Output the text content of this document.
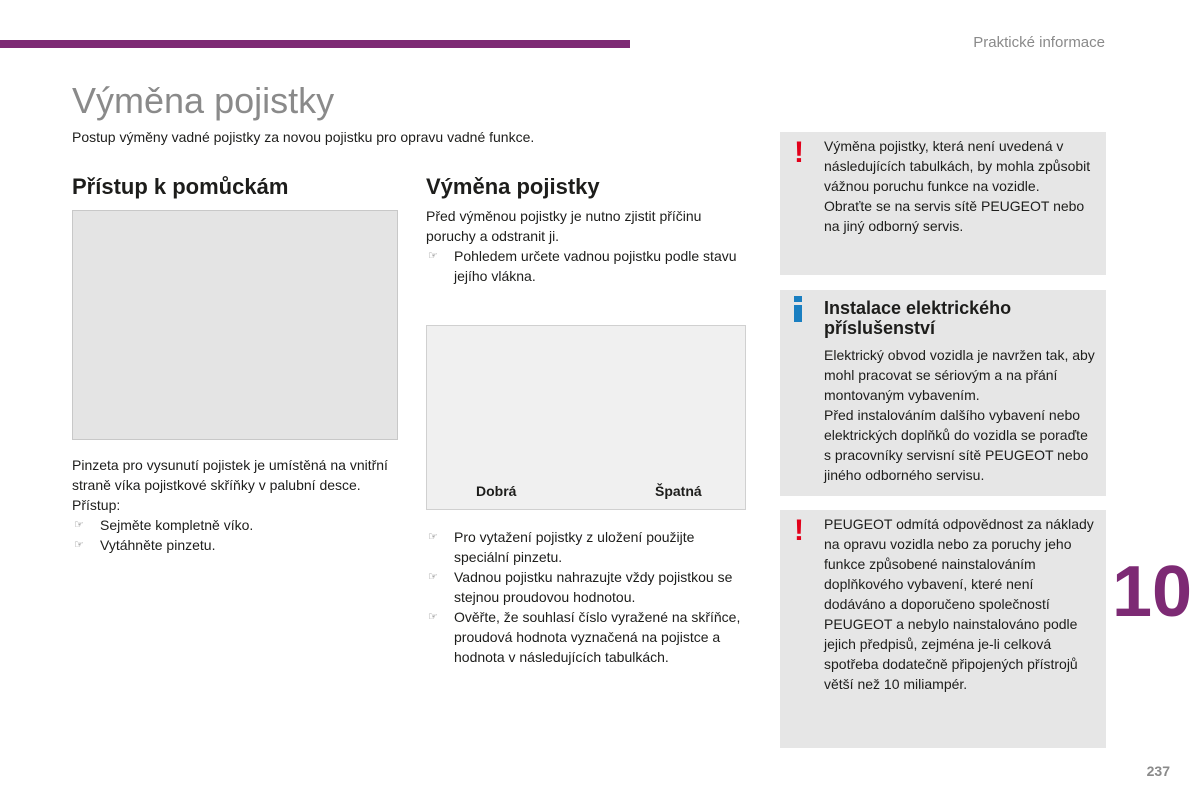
Praktické informace
Výměna pojistky

Postup výměny vadné pojistky za novou pojistku pro opravu vadné funkce.

Přístup k pomůckám

Pinzeta pro vysunutí pojistek je umístěná na vnitřní straně víka pojistkové skříňky v palubní desce.

Přístup:

☞ Sejměte kompletně víko.
☞ Vytáhněte pinzetu.
Výměna pojistky

Před výměnou pojistky je nutno zjistit příčinu poruchy a odstranit ji.

☞ Pohledem určete vadnou pojistku podle stavu jejího vlákna.
Dobrá	Špatná
☞ Pro vytažení pojistky z uložení použijte speciální pinzetu.
☞ Vadnou pojistku nahrazujte vždy pojistkou se stejnou proudovou hodnotou.
☞ Ověřte, že souhlasí číslo vyražené na skříňce, proudová hodnota vyznačená na pojistce a hodnota v následujících tabulkách.
! Výměna pojistky, která není uvedená v následujících tabulkách, by mohla způsobit vážnou poruchu funkce na vozidle.

Obraťte se na servis sítě PEUGEOT nebo na jiný odborný servis.

Instalace elektrického příslušenství

Elektrický obvod vozidla je navržen tak, aby mohl pracovat se sériovým a na přání montovaným vybavením.

Před instalováním dalšího vybavení nebo elektrických doplňků do vozidla se poraďte s pracovníky servisní sítě PEUGEOT nebo jiného odborného servisu.

! PEUGEOT odmítá odpovědnost za náklady na opravu vozidla nebo za poruchy jeho funkce způsobené nainstalováním doplňkového vybavení, které není dodáváno a doporučeno společností PEUGEOT a nebylo nainstalováno podle jejich předpisů, zejména je-li celková spotřeba dodatečně připojených přístrojů větší než 10 miliampér.
10
237
